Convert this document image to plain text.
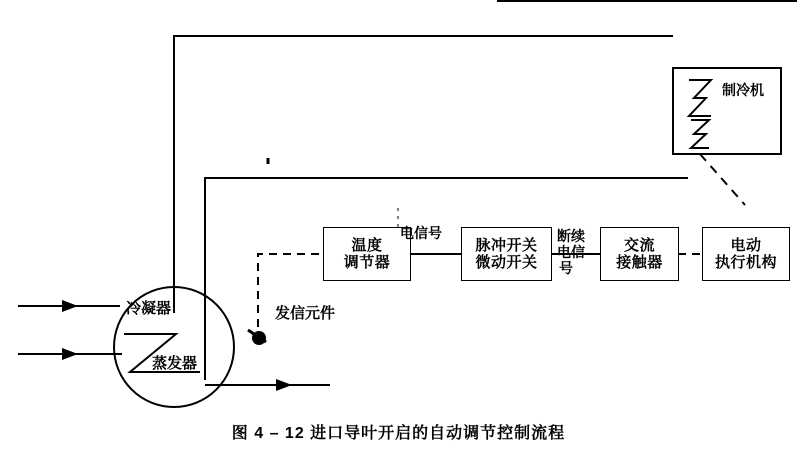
制冷机
温度
调节器
脉冲开关
微动开关
交流
接触器
电动
执行机构
电信号	断续
电信
号
冷凝器
蒸发器
发信元件
图 4 – 12 进口导叶开启的自动调节控制流程
